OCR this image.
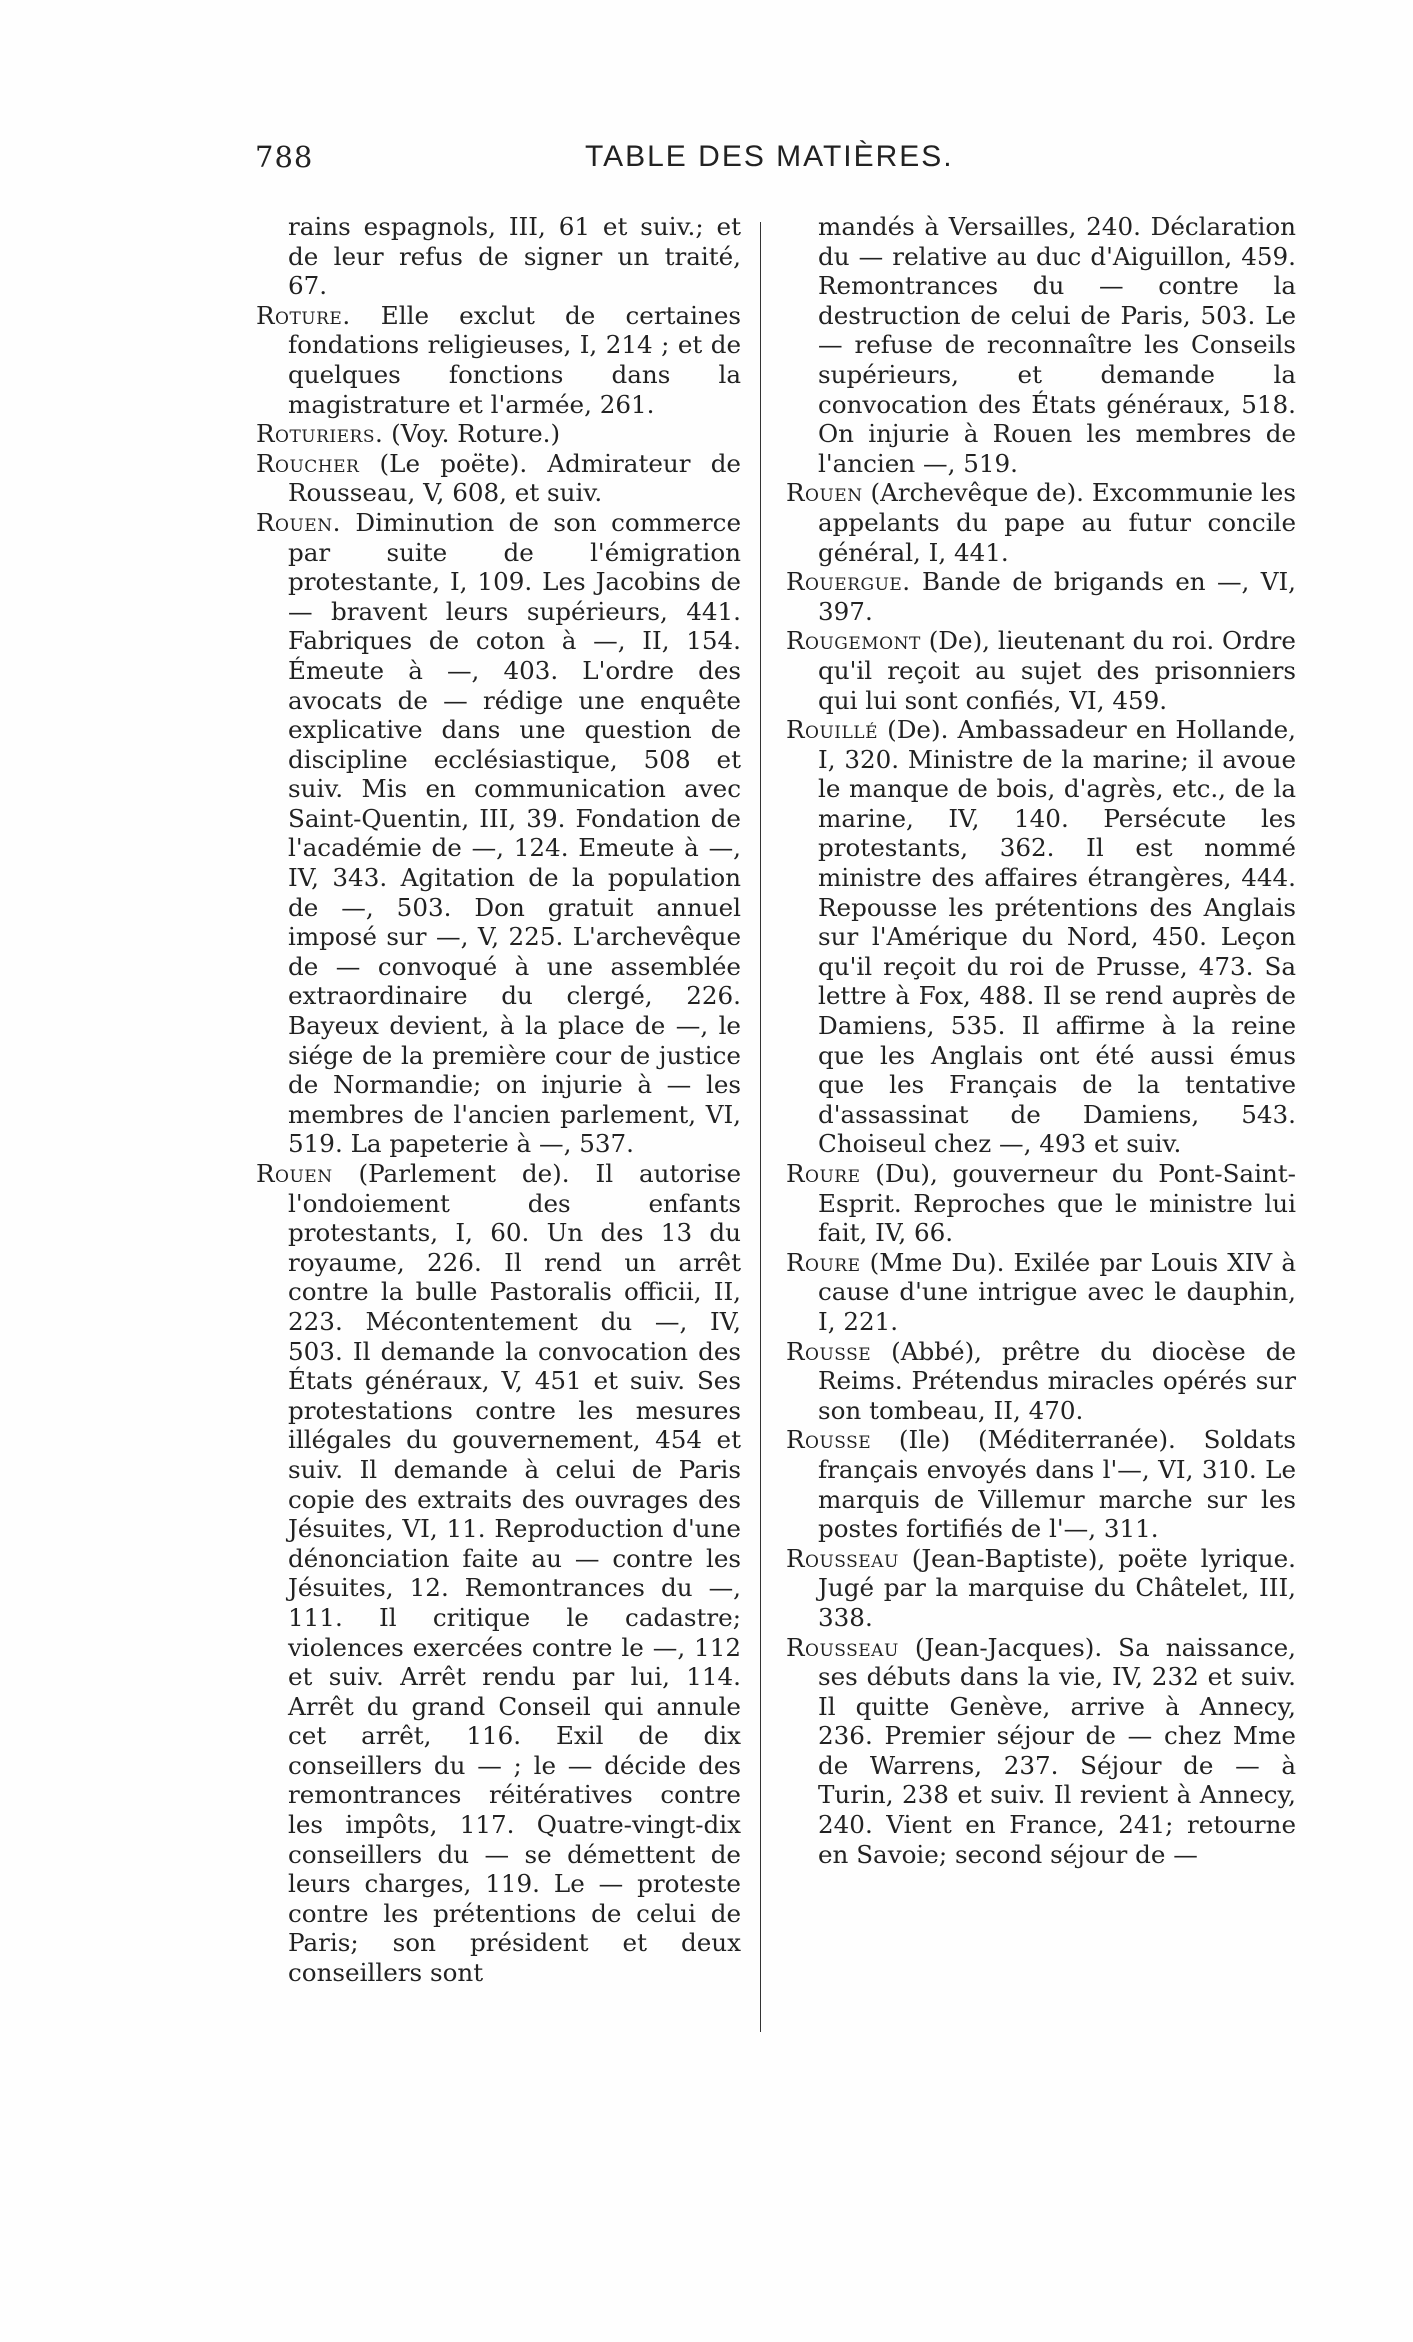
788	TABLE DES MATIÈRES.

rains espagnols, III, 61 et suiv.; et de leur refus de signer un traité, 67.

Roture. Elle exclut de certaines fondations religieuses, I, 214 ; et de quelques fonctions dans la magistrature et l'armée, 261.

Roturiers. (Voy. Roture.)

Roucher (Le poëte). Admirateur de Rousseau, V, 608, et suiv.

Rouen. Diminution de son commerce par suite de l'émigration protestante, I, 109. Les Jacobins de — bravent leurs supérieurs, 441. Fabriques de coton à —, II, 154. Émeute à —, 403. L'ordre des avocats de — rédige une enquête explicative dans une question de discipline ecclésiastique, 508 et suiv. Mis en communication avec Saint-Quentin, III, 39. Fondation de l'académie de —, 124. Emeute à —, IV, 343. Agitation de la population de —, 503. Don gratuit annuel imposé sur —, V, 225. L'archevêque de — convoqué à une assemblée extraordinaire du clergé, 226. Bayeux devient, à la place de —, le siége de la première cour de justice de Normandie; on injurie à — les membres de l'ancien parlement, VI, 519. La papeterie à —, 537.

Rouen (Parlement de). Il autorise l'ondoiement des enfants protestants, I, 60. Un des 13 du royaume, 226. Il rend un arrêt contre la bulle Pastoralis officii, II, 223. Mécontentement du —, IV, 503. Il demande la convocation des États généraux, V, 451 et suiv. Ses protestations contre les mesures illégales du gouvernement, 454 et suiv. Il demande à celui de Paris copie des extraits des ouvrages des Jésuites, VI, 11. Reproduction d'une dénonciation faite au — contre les Jésuites, 12. Remontrances du —, 111. Il critique le cadastre; violences exercées contre le —, 112 et suiv. Arrêt rendu par lui, 114. Arrêt du grand Conseil qui annule cet arrêt, 116. Exil de dix conseillers du — ; le — décide des remontrances réitératives contre les impôts, 117. Quatre-vingt-dix conseillers du — se démettent de leurs charges, 119. Le — proteste contre les prétentions de celui de Paris; son président et deux conseillers sont

mandés à Versailles, 240. Déclaration du — relative au duc d'Aiguillon, 459. Remontrances du — contre la destruction de celui de Paris, 503. Le — refuse de reconnaître les Conseils supérieurs, et demande la convocation des États généraux, 518. On injurie à Rouen les membres de l'ancien —, 519.

Rouen (Archevêque de). Excommunie les appelants du pape au futur concile général, I, 441.

Rouergue. Bande de brigands en —, VI, 397.

Rougemont (De), lieutenant du roi. Ordre qu'il reçoit au sujet des prisonniers qui lui sont confiés, VI, 459.

Rouillé (De). Ambassadeur en Hollande, I, 320. Ministre de la marine; il avoue le manque de bois, d'agrès, etc., de la marine, IV, 140. Persécute les protestants, 362. Il est nommé ministre des affaires étrangères, 444. Repousse les prétentions des Anglais sur l'Amérique du Nord, 450. Leçon qu'il reçoit du roi de Prusse, 473. Sa lettre à Fox, 488. Il se rend auprès de Damiens, 535. Il affirme à la reine que les Anglais ont été aussi émus que les Français de la tentative d'assassinat de Damiens, 543. Choiseul chez —, 493 et suiv.

Roure (Du), gouverneur du Pont-Saint-Esprit. Reproches que le ministre lui fait, IV, 66.

Roure (Mme Du). Exilée par Louis XIV à cause d'une intrigue avec le dauphin, I, 221.

Rousse (Abbé), prêtre du diocèse de Reims. Prétendus miracles opérés sur son tombeau, II, 470.

Rousse (Ile) (Méditerranée). Soldats français envoyés dans l'—, VI, 310. Le marquis de Villemur marche sur les postes fortifiés de l'—, 311.

Rousseau (Jean-Baptiste), poëte lyrique. Jugé par la marquise du Châtelet, III, 338.

Rousseau (Jean-Jacques). Sa naissance, ses débuts dans la vie, IV, 232 et suiv. Il quitte Genève, arrive à Annecy, 236. Premier séjour de — chez Mme de Warrens, 237. Séjour de — à Turin, 238 et suiv. Il revient à Annecy, 240. Vient en France, 241; retourne en Savoie; second séjour de —
